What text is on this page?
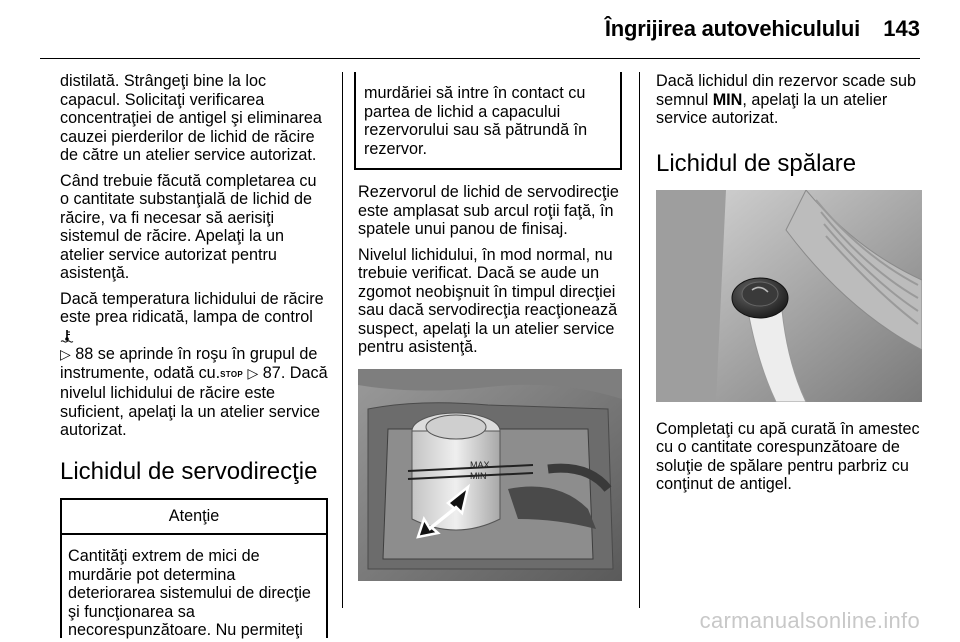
Îngrijirea autovehiculului 143

distilată. Strângeţi bine la loc capacul. Solicitaţi verificarea concentraţiei de antigel şi eliminarea cauzei pierderilor de lichid de răcire de către un atelier service autorizat.

Când trebuie făcută completarea cu o cantitate substanţială de lichid de răcire, va fi necesar să aerisiţi sistemul de răcire. Apelaţi la un atelier service autorizat pentru asistenţă.

Dacă temperatura lichidului de răcire este prea ridicată, lampa de control
▷ 88 se aprinde în roşu în grupul de instrumente, odată cu.STOP ▷ 87. Dacă nivelul lichidului de răcire este suficient, apelaţi la un atelier service autorizat.

Lichidul de servodirecţie
Atenţie
Cantităţi extrem de mici de murdărie pot determina deteriorarea sistemului de direcţie şi funcţionarea sa necorespunzătoare. Nu permiteţi
murdăriei să intre în contact cu partea de lichid a capacului rezervorului sau să pătrundă în rezervor.

Rezervorul de lichid de servodirecţie este amplasat sub arcul roţii faţă, în spatele unui panou de finisaj.

Nivelul lichidului, în mod normal, nu trebuie verificat. Dacă se aude un zgomot neobişnuit în timpul direcţiei sau dacă servodirecţia reacţionează suspect, apelaţi la un atelier service pentru asistenţă.

MAX
MIN

Dacă lichidul din rezervor scade sub semnul MIN, apelaţi la un atelier service autorizat.

Lichidul de spălare

Completaţi cu apă curată în amestec cu o cantitate corespunzătoare de soluţie de spălare pentru parbriz cu conţinut de antigel.

carmanualsonline.info
